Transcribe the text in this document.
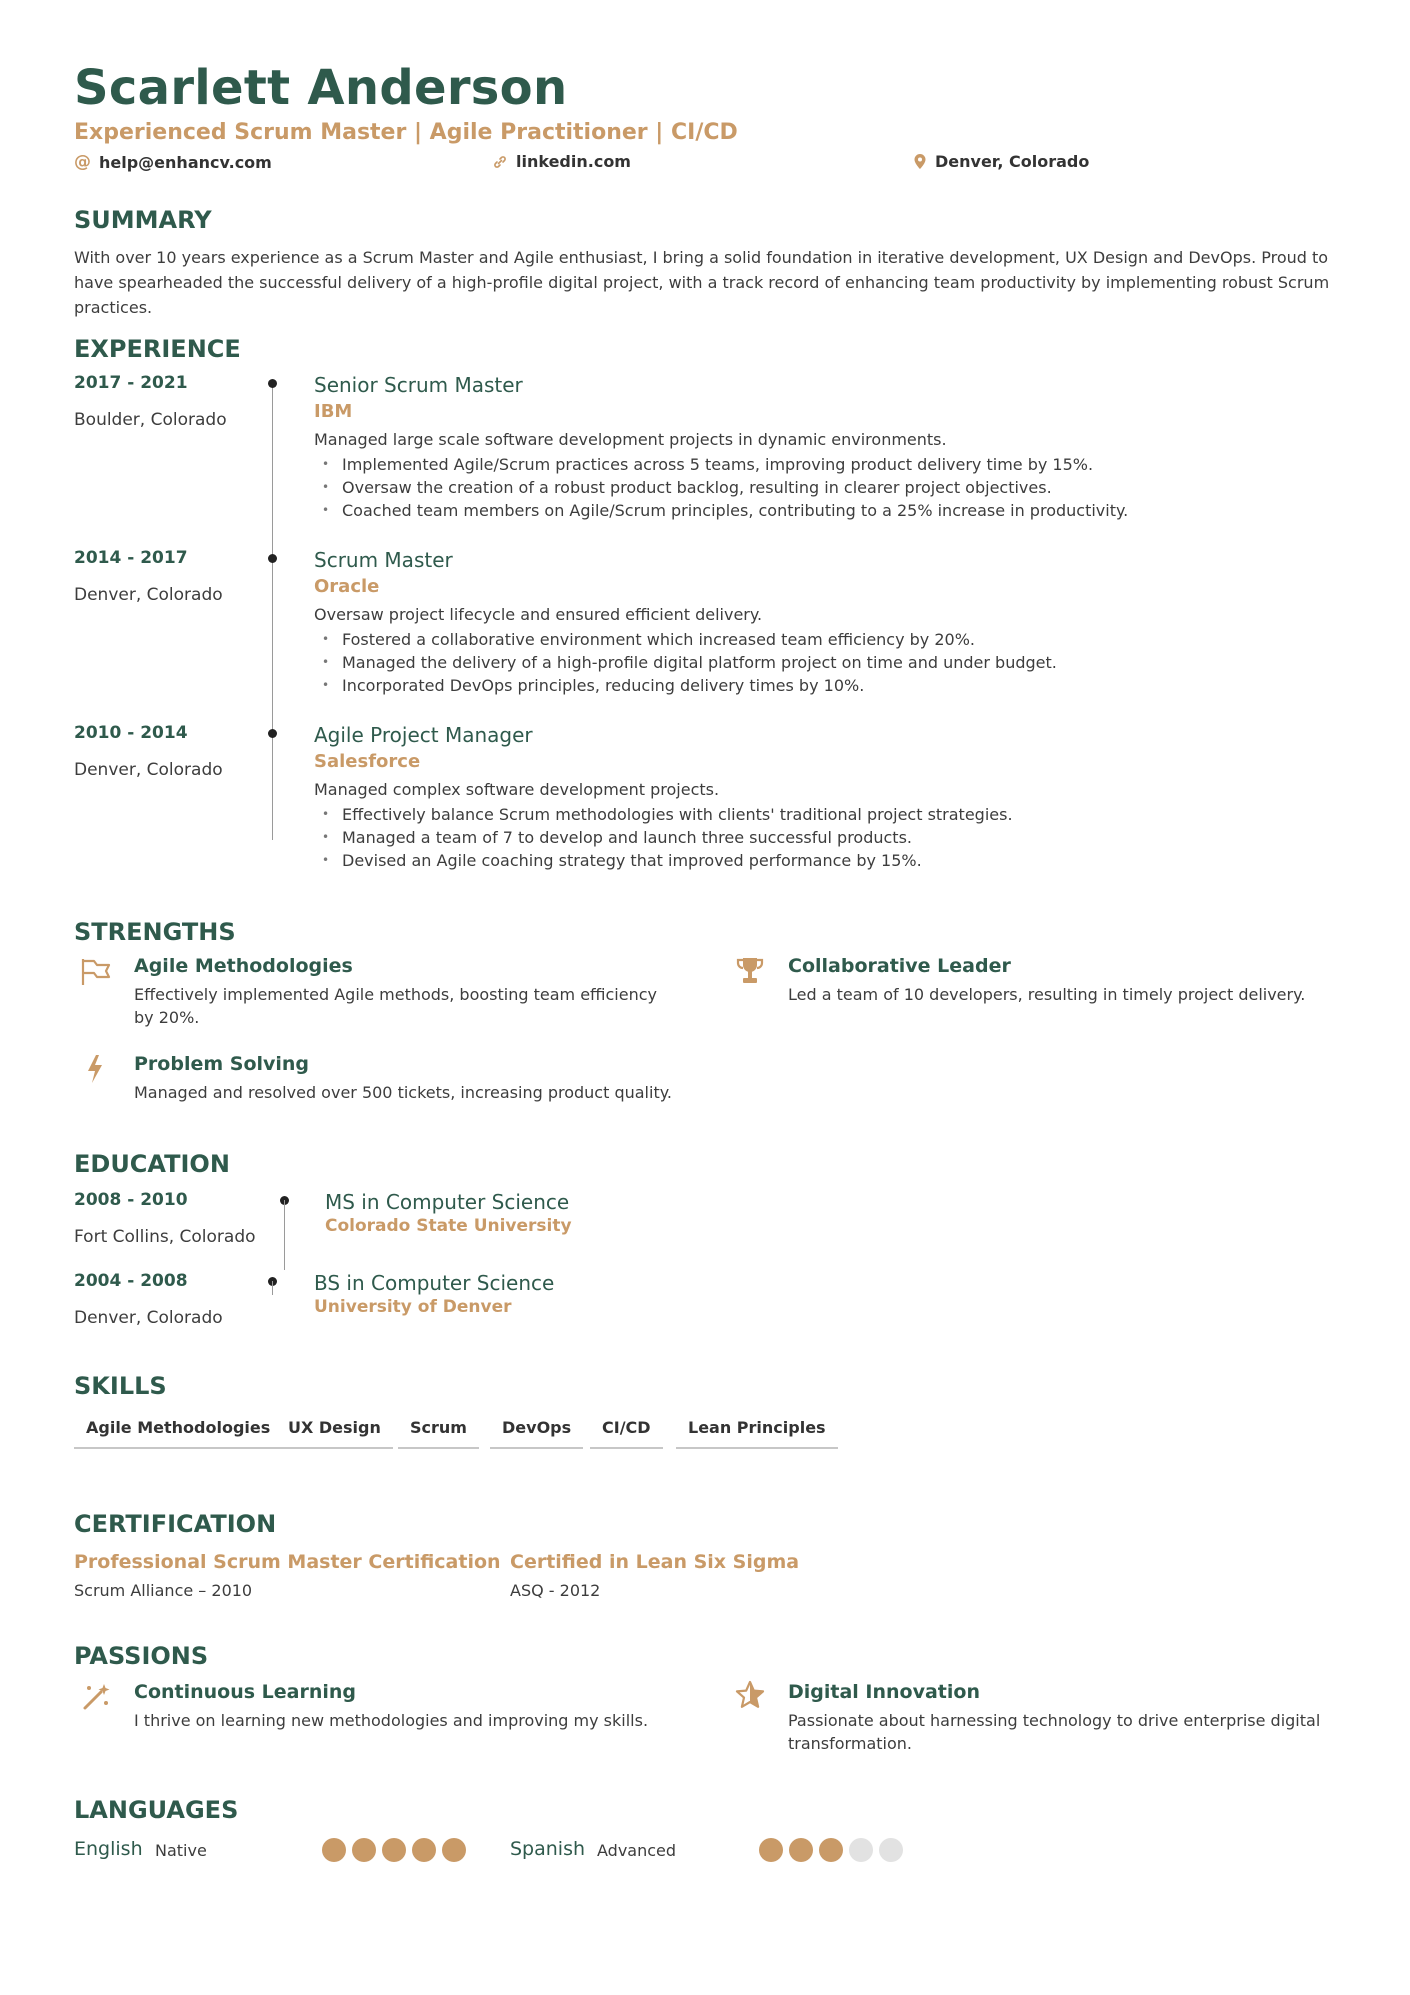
Scarlett Anderson
Experienced Scrum Master | Agile Practitioner | CI/CD
@ help@enhancv.com	linkedin.com	Denver, Colorado
SUMMARY
With over 10 years experience as a Scrum Master and Agile enthusiast, I bring a solid foundation in iterative development, UX Design and DevOps. Proud to have spearheaded the successful delivery of a high-profile digital project, with a track record of enhancing team productivity by implementing robust Scrum practices.
EXPERIENCE
2017 - 2021
Boulder, Colorado
Senior Scrum Master
IBM
Managed large scale software development projects in dynamic environments.
• Implemented Agile/Scrum practices across 5 teams, improving product delivery time by 15%.
• Oversaw the creation of a robust product backlog, resulting in clearer project objectives.
• Coached team members on Agile/Scrum principles, contributing to a 25% increase in productivity.
2014 - 2017
Denver, Colorado
Scrum Master
Oracle
Oversaw project lifecycle and ensured efficient delivery.
• Fostered a collaborative environment which increased team efficiency by 20%.
• Managed the delivery of a high-profile digital platform project on time and under budget.
• Incorporated DevOps principles, reducing delivery times by 10%.
2010 - 2014
Denver, Colorado
Agile Project Manager
Salesforce
Managed complex software development projects.
• Effectively balance Scrum methodologies with clients' traditional project strategies.
• Managed a team of 7 to develop and launch three successful products.
• Devised an Agile coaching strategy that improved performance by 15%.
STRENGTHS
Agile Methodologies
Effectively implemented Agile methods, boosting team efficiency by 20%.
Collaborative Leader
Led a team of 10 developers, resulting in timely project delivery.
Problem Solving
Managed and resolved over 500 tickets, increasing product quality.
EDUCATION
2008 - 2010
Fort Collins, Colorado
MS in Computer Science
Colorado State University
2004 - 2008
Denver, Colorado
BS in Computer Science
University of Denver
SKILLS
Agile Methodologies	UX Design	Scrum	DevOps	CI/CD	Lean Principles
CERTIFICATION
Professional Scrum Master Certification
Scrum Alliance – 2010
Certified in Lean Six Sigma
ASQ - 2012
PASSIONS
Continuous Learning
I thrive on learning new methodologies and improving my skills.
Digital Innovation
Passionate about harnessing technology to drive enterprise digital transformation.
LANGUAGES
English Native	Spanish Advanced
